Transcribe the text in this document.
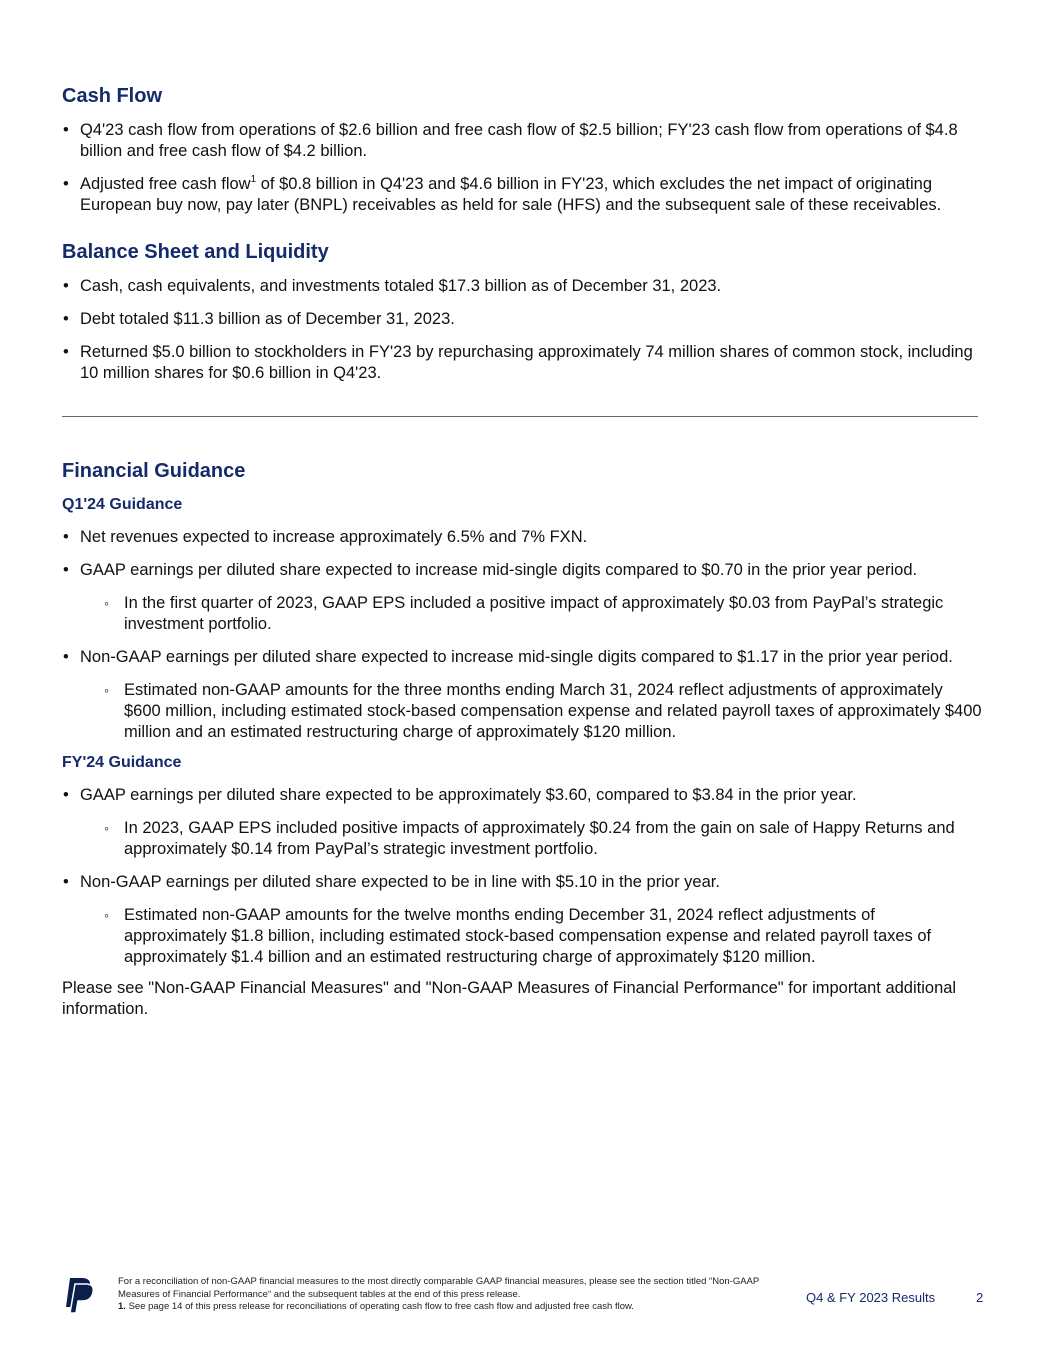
Cash Flow
• Q4'23 cash flow from operations of $2.6 billion and free cash flow of $2.5 billion; FY'23 cash flow from operations of $4.8 billion and free cash flow of $4.2 billion.
• Adjusted free cash flow$^1$ of $0.8 billion in Q4'23 and $4.6 billion in FY'23, which excludes the net impact of originating European buy now, pay later (BNPL) receivables as held for sale (HFS) and the subsequent sale of these receivables.
Balance Sheet and Liquidity
• Cash, cash equivalents, and investments totaled $17.3 billion as of December 31, 2023.
• Debt totaled $11.3 billion as of December 31, 2023.
• Returned $5.0 billion to stockholders in FY'23 by repurchasing approximately 74 million shares of common stock, including 10 million shares for $0.6 billion in Q4'23.
Financial Guidance
Q1'24 Guidance
• Net revenues expected to increase approximately 6.5% and 7% FXN.
• GAAP earnings per diluted share expected to increase mid-single digits compared to $0.70 in the prior year period.
◦ In the first quarter of 2023, GAAP EPS included a positive impact of approximately $0.03 from PayPal’s strategic investment portfolio.
• Non-GAAP earnings per diluted share expected to increase mid-single digits compared to $1.17 in the prior year period.
◦ Estimated non-GAAP amounts for the three months ending March 31, 2024 reflect adjustments of approximately $600 million, including estimated stock-based compensation expense and related payroll taxes of approximately $400 million and an estimated restructuring charge of approximately $120 million.
FY'24 Guidance
• GAAP earnings per diluted share expected to be approximately $3.60, compared to $3.84 in the prior year.
◦ In 2023, GAAP EPS included positive impacts of approximately $0.24 from the gain on sale of Happy Returns and approximately $0.14 from PayPal’s strategic investment portfolio.
• Non-GAAP earnings per diluted share expected to be in line with $5.10 in the prior year.
◦ Estimated non-GAAP amounts for the twelve months ending December 31, 2024 reflect adjustments of approximately $1.8 billion, including estimated stock-based compensation expense and related payroll taxes of approximately $1.4 billion and an estimated restructuring charge of approximately $120 million.

Please see "Non-GAAP Financial Measures" and "Non-GAAP Measures of Financial Performance" for important additional information.

For a reconciliation of non-GAAP financial measures to the most directly comparable GAAP financial measures, please see the section titled “Non-GAAP Measures of Financial Performance“ and the subsequent tables at the end of this press release.
1. See page 14 of this press release for reconciliations of operating cash flow to free cash flow and adjusted free cash flow.
Q4 & FY 2023 Results	2
